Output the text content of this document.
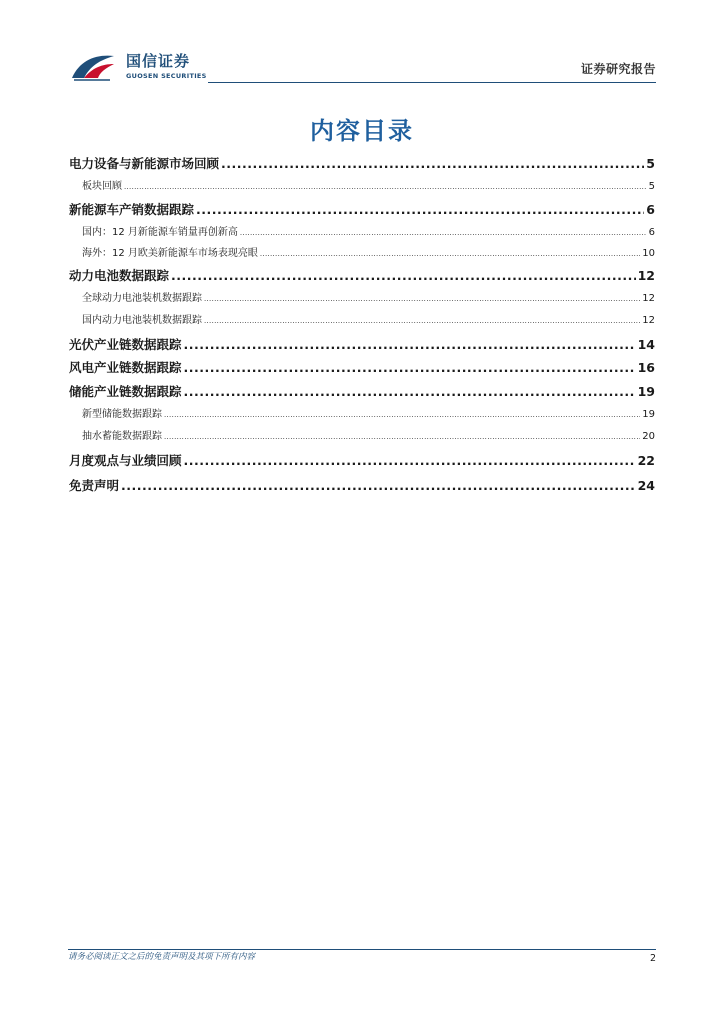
国信证券
GUOSEN SECURITIES	证券研究报告
内容目录
电力设备与新能源市场回顾 .....	5
板块回顾 .....	5
新能源车产销数据跟踪 .....	6
国内：12 月新能源车销量再创新高 .....	6
海外：12 月欧美新能源车市场表现亮眼 .....	10
动力电池数据跟踪 .....	12
全球动力电池装机数据跟踪 .....	12
国内动力电池装机数据跟踪 .....	12
光伏产业链数据跟踪 .....	14
风电产业链数据跟踪 .....	16
储能产业链数据跟踪 .....	19
新型储能数据跟踪 .....	19
抽水蓄能数据跟踪 .....	20
月度观点与业绩回顾 .....	22
免责声明 .....	24
请务必阅读正文之后的免责声明及其项下所有内容	2
